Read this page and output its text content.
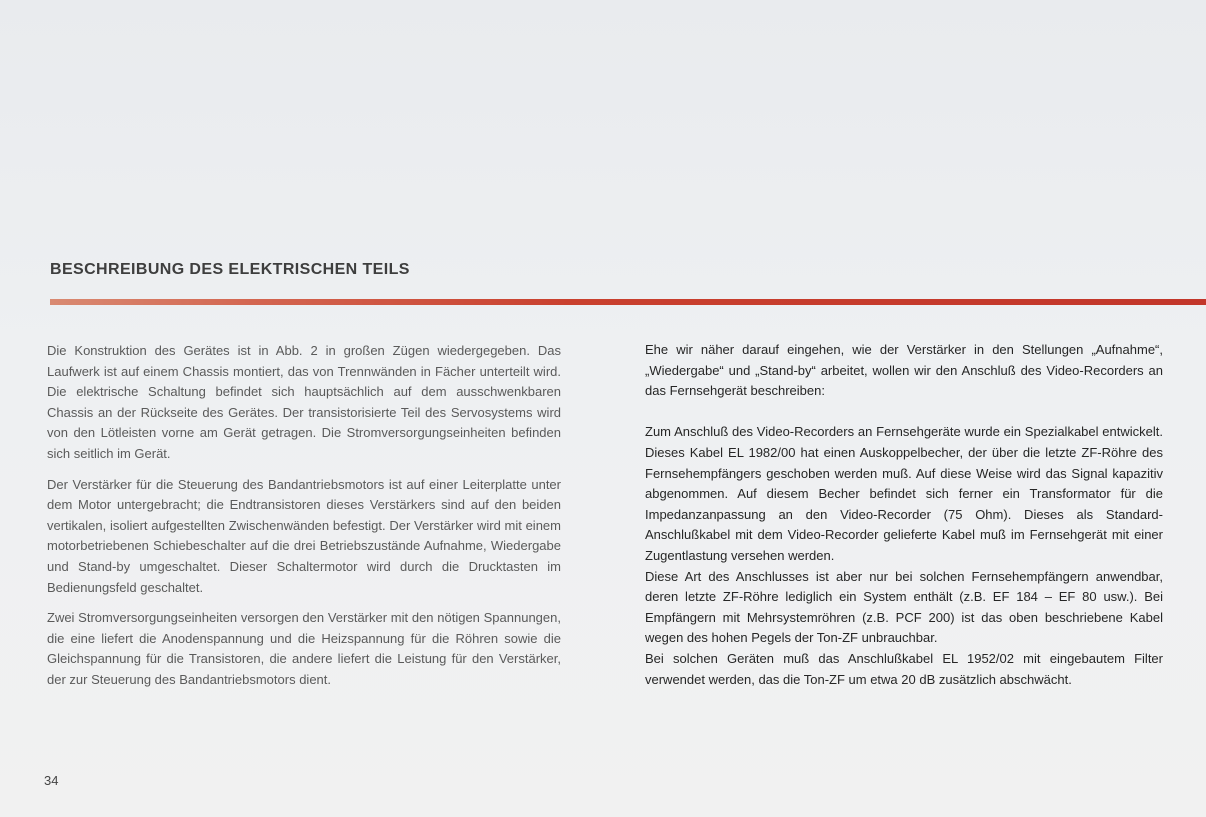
BESCHREIBUNG DES ELEKTRISCHEN TEILS

Die Konstruktion des Gerätes ist in Abb. 2 in großen Zügen wiedergegeben. Das Laufwerk ist auf einem Chassis montiert, das von Trennwänden in Fächer unterteilt wird. Die elektrische Schaltung befindet sich hauptsächlich auf dem ausschwenkbaren Chassis an der Rückseite des Gerätes. Der transistorisierte Teil des Servosystems wird von den Lötleisten vorne am Gerät getragen. Die Stromversorgungseinheiten befinden sich seitlich im Gerät.

Der Verstärker für die Steuerung des Bandantriebsmotors ist auf einer Leiterplatte unter dem Motor untergebracht; die Endtransistoren dieses Verstärkers sind auf den beiden vertikalen, isoliert aufgestellten Zwischenwänden befestigt. Der Verstärker wird mit einem motorbetriebenen Schiebeschalter auf die drei Betriebszustände Aufnahme, Wiedergabe und Stand-by umgeschaltet. Dieser Schaltermotor wird durch die Drucktasten im Bedienungsfeld geschaltet.

Zwei Stromversorgungseinheiten versorgen den Verstärker mit den nötigen Spannungen, die eine liefert die Anodenspannung und die Heizspannung für die Röhren sowie die Gleichspannung für die Transistoren, die andere liefert die Leistung für den Verstärker, der zur Steuerung des Bandantriebsmotors dient.

Ehe wir näher darauf eingehen, wie der Verstärker in den Stellungen „Aufnahme“, „Wiedergabe“ und „Stand-by“ arbeitet, wollen wir den Anschluß des Video-Recorders an das Fernsehgerät beschreiben:

Zum Anschluß des Video-Recorders an Fernsehgeräte wurde ein Spezialkabel entwickelt. Dieses Kabel EL 1982/00 hat einen Auskoppelbecher, der über die letzte ZF-Röhre des Fernsehempfängers geschoben werden muß. Auf diese Weise wird das Signal kapazitiv abgenommen. Auf diesem Becher befindet sich ferner ein Transformator für die Impedanzanpassung an den Video-Recorder (75 Ohm). Dieses als Standard-Anschlußkabel mit dem Video-Recorder gelieferte Kabel muß im Fernsehgerät mit einer Zugentlastung versehen werden.

Diese Art des Anschlusses ist aber nur bei solchen Fernsehempfängern anwendbar, deren letzte ZF-Röhre lediglich ein System enthält (z.B. EF 184 – EF 80 usw.). Bei Empfängern mit Mehrsystemröhren (z.B. PCF 200) ist das oben beschriebene Kabel wegen des hohen Pegels der Ton-ZF unbrauchbar.

Bei solchen Geräten muß das Anschlußkabel EL 1952/02 mit eingebautem Filter verwendet werden, das die Ton-ZF um etwa 20 dB zusätzlich abschwächt.

34
